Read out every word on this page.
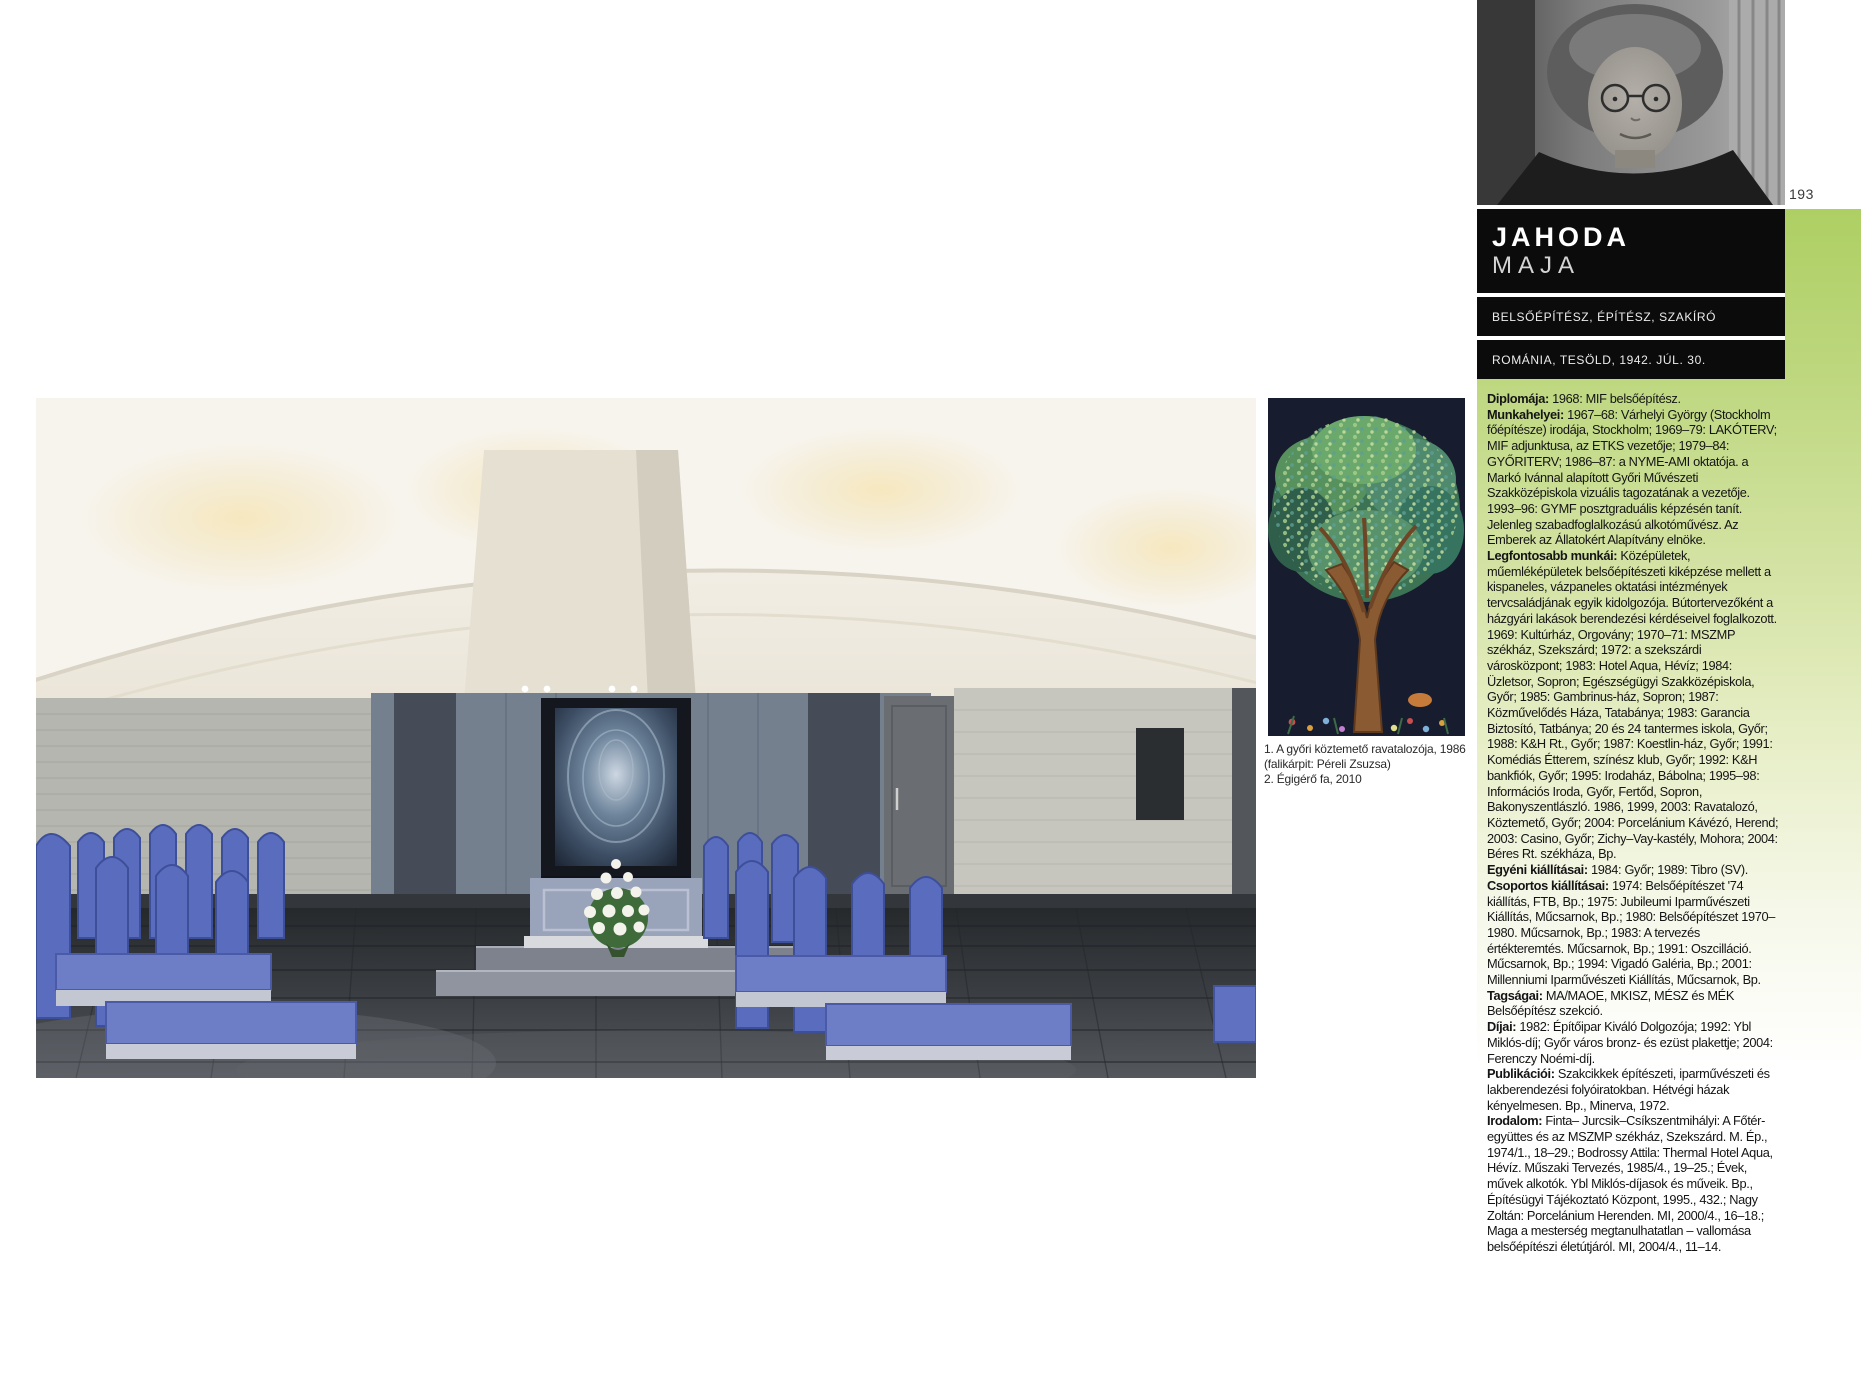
193
JAHODA
MAJA
BELSŐÉPÍTÉSZ, ÉPÍTÉSZ, SZAKÍRÓ
ROMÁNIA, TESÖLD, 1942. JÚL. 30.
Diplomája: 1968: MIF belsőépítész.
Munkahelyei: 1967–68: Várhelyi György (Stockholm főépítésze) irodája, Stockholm; 1969–79: LAKÓTERV; MIF adjunktusa, az ETKS vezetője; 1979–84: GYŐRITERV; 1986–87: a NYME-AMI oktatója. a Markó Ivánnal alapított Győri Művészeti Szakközépiskola vizuális tagozatának a vezetője. 1993–96: GYMF posztgraduális képzésén tanít. Jelenleg szabadfoglalkozású alkotóművész. Az Emberek az Állatokért Alapítvány elnöke.
Legfontosabb munkái: Középületek, műemléképületek belsőépítészeti kiképzése mellett a kispaneles, vázpaneles oktatási intézmények tervcsaládjának egyik kidolgozója. Bútortervezőként a házgyári lakások berendezési kérdéseivel foglalkozott. 1969: Kultúrház, Orgovány; 1970–71: MSZMP székház, Szekszárd; 1972: a szekszárdi városközpont; 1983: Hotel Aqua, Hévíz; 1984: Üzletsor, Sopron; Egészségügyi Szakközépiskola, Győr; 1985: Gambrinus-ház, Sopron; 1987: Közművelődés Háza, Tatabánya; 1983: Garancia Biztosító, Tatbánya; 20 és 24 tantermes iskola, Győr; 1988: K&H Rt., Győr; 1987: Koestlin-ház, Győr; 1991: Komédiás Étterem, színész klub, Győr; 1992: K&H bankfiók, Győr; 1995: Irodaház, Bábolna; 1995–98: Információs Iroda, Győr, Fertőd, Sopron, Bakonyszentlászló. 1986, 1999, 2003: Ravatalozó, Köztemető, Győr; 2004: Porcelánium Kávézó, Herend; 2003: Casino, Győr; Zichy–Vay-kastély, Mohora; 2004: Béres Rt. székháza, Bp.
Egyéni kiállításai: 1984: Győr; 1989: Tibro (SV).
Csoportos kiállításai: 1974: Belsőépítészet '74 kiállítás, FTB, Bp.; 1975: Jubileumi Iparművészeti Kiállítás, Műcsarnok, Bp.; 1980: Belsőépítészet 1970–1980. Műcsarnok, Bp.; 1983: A tervezés értékteremtés. Műcsarnok, Bp.; 1991: Oszcilláció. Műcsarnok, Bp.; 1994: Vigadó Galéria, Bp.; 2001: Millenniumi Iparművészeti Kiállítás, Műcsarnok, Bp.
Tagságai: MA/MAOE, MKISZ, MÉSZ és MÉK Belsőépítész szekció.
Díjai: 1982: Építőipar Kiváló Dolgozója; 1992: Ybl Miklós-díj; Győr város bronz- és ezüst plakettje; 2004: Ferenczy Noémi-díj.
Publikációi: Szakcikkek építészeti, iparművészeti és lakberendezési folyóiratokban. Hétvégi házak kényelmesen. Bp., Minerva, 1972.
Irodalom: Finta– Jurcsik–Csíkszentmihályi: A Főtér-együttes és az MSZMP székház, Szekszárd. M. Ép., 1974/1., 18–29.; Bodrossy Attila: Thermal Hotel Aqua, Hévíz. Műszaki Tervezés, 1985/4., 19–25.; Évek, művek alkotók. Ybl Miklós-díjasok és műveik. Bp., Építésügyi Tájékoztató Központ, 1995., 432.; Nagy Zoltán: Porcelánium Herenden. MI, 2000/4., 16–18.; Maga a mesterség megtanulhatatlan – vallomása belsőépítészi életútjáról. MI, 2004/4., 11–14.
1. A győri köztemető ravatalozója, 1986
(falikárpit: Péreli Zsuzsa)
2. Égigérő fa, 2010
